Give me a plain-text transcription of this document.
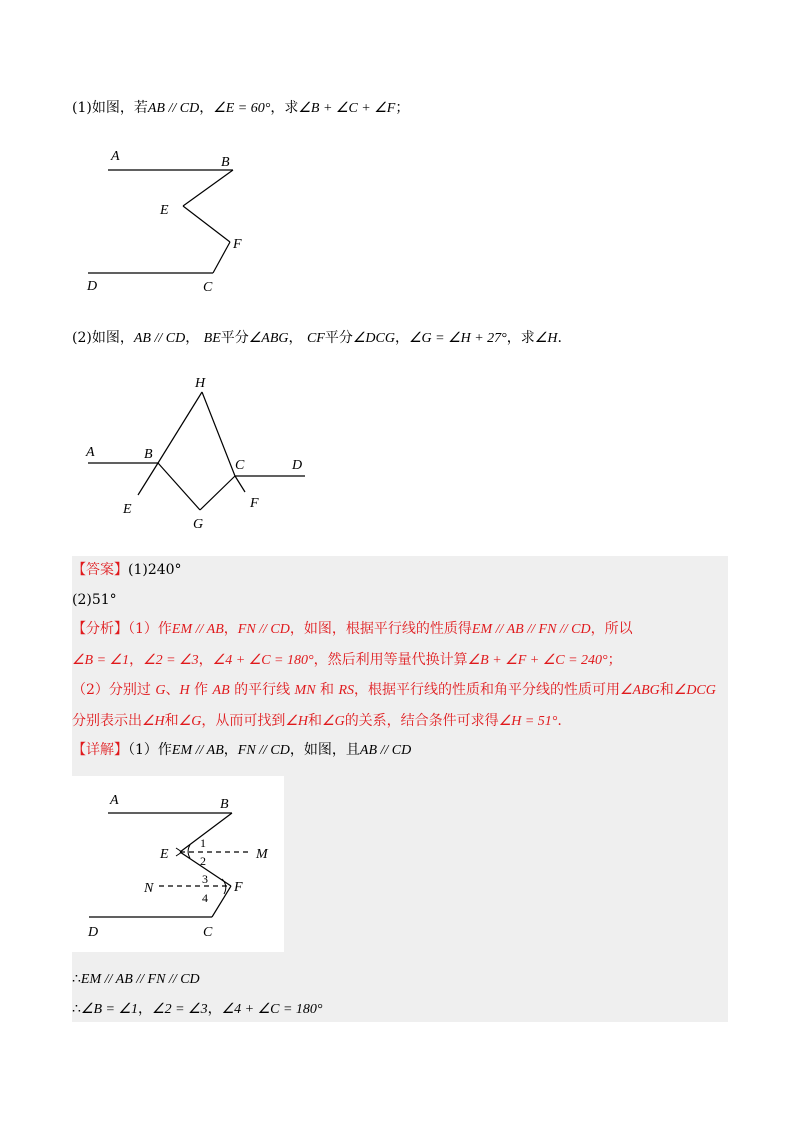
(1)如图，若AB // CD，∠E = 60°，求∠B + ∠C + ∠F；
A	B
E
F
D	C
(2)如图，AB // CD， BE平分∠ABG， CF平分∠DCG，∠G = ∠H + 27°，求∠H.
H
A	B
C	D
E
G
F
【答案】(1)240°
(2)51°
【分析】（1）作EM // AB，FN // CD，如图，根据平行线的性质得EM // AB // FN // CD，所以
∠B = ∠1，∠2 = ∠3，∠4 + ∠C = 180°，然后利用等量代换计算∠B + ∠F + ∠C = 240°；
（2）分别过 G、H 作 AB 的平行线 MN 和 RS，根据平行线的性质和角平分线的性质可用∠ABG和∠DCG
分别表示出∠H和∠G，从而可找到∠H和∠G的关系，结合条件可求得∠H = 51°.
【详解】（1）作EM // AB，FN // CD，如图，且AB // CD
A	B
E	M
1
2
N
3
4
F
D	C
∴EM // AB // FN // CD
∴∠B = ∠1，∠2 = ∠3，∠4 + ∠C = 180°
